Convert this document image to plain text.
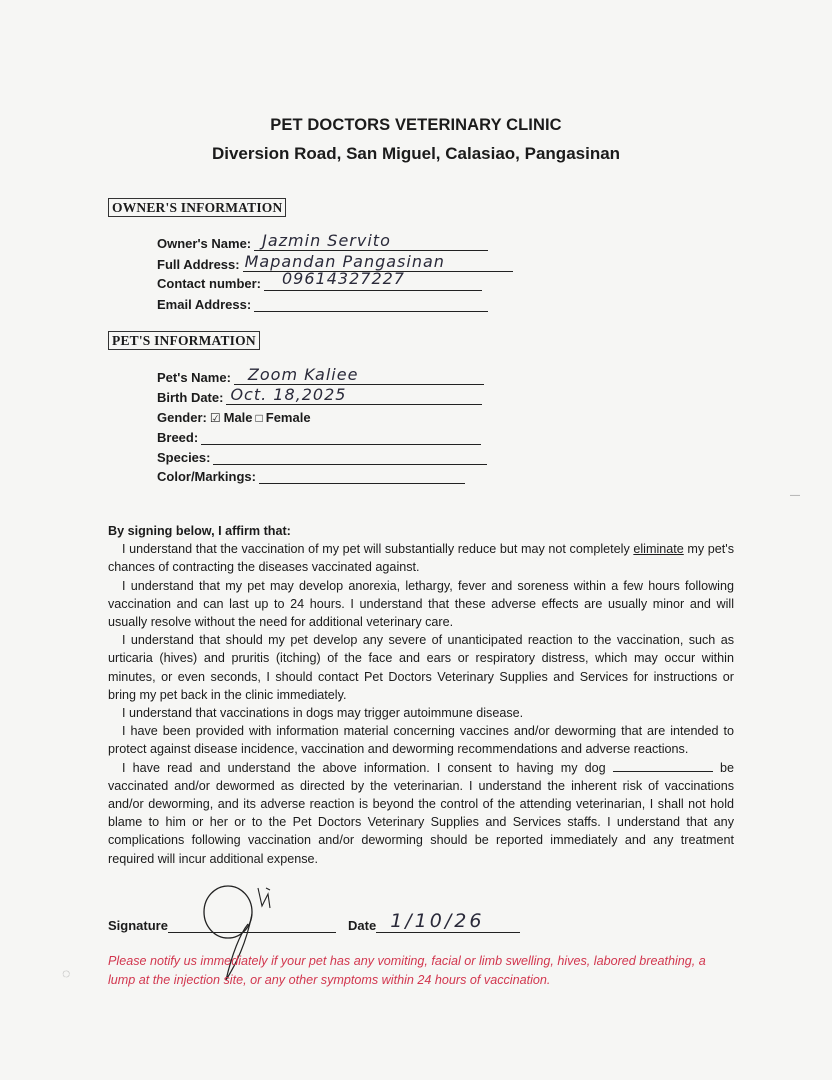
PET DOCTORS VETERINARY CLINIC
Diversion Road, San Miguel, Calasiao, Pangasinan
OWNER'S INFORMATION
Owner's Name: Jazmin Servito
Full Address: Mapandan Pangasinan
Contact number: 09614327227
Email Address:
PET'S INFORMATION
Pet's Name: Zoom Kaliee
Birth Date: Oct. 18,2025
Gender: ☑ Male □ Female
Breed:
Species:
Color/Markings:

By signing below, I affirm that:

I understand that the vaccination of my pet will substantially reduce but may not completely eliminate my pet's chances of contracting the diseases vaccinated against.

I understand that my pet may develop anorexia, lethargy, fever and soreness within a few hours following vaccination and can last up to 24 hours. I understand that these adverse effects are usually minor and will usually resolve without the need for additional veterinary care.

I understand that should my pet develop any severe of unanticipated reaction to the vaccination, such as urticaria (hives) and pruritis (itching) of the face and ears or respiratory distress, which may occur within minutes, or even seconds, I should contact Pet Doctors Veterinary Supplies and Services for instructions or bring my pet back in the clinic immediately.

I understand that vaccinations in dogs may trigger autoimmune disease.

I have been provided with information material concerning vaccines and/or deworming that are intended to protect against disease incidence, vaccination and deworming recommendations and adverse reactions.

I have read and understand the above information. I consent to having my dog	be vaccinated and/or dewormed as directed by the veterinarian. I understand the inherent risk of vaccinations and/or deworming, and its adverse reaction is beyond the control of the attending veterinarian, I shall not hold blame to him or her or to the Pet Doctors Veterinary Supplies and Services staffs. I understand that any complications following vaccination and/or deworming should be reported immediately and any treatment required will incur additional expense.

Signature	Date 1/10/26
Please notify us immediately if your pet has any vomiting, facial or limb swelling, hives, labored breathing, a lump at the injection site, or any other symptoms within 24 hours of vaccination.
—
◌
